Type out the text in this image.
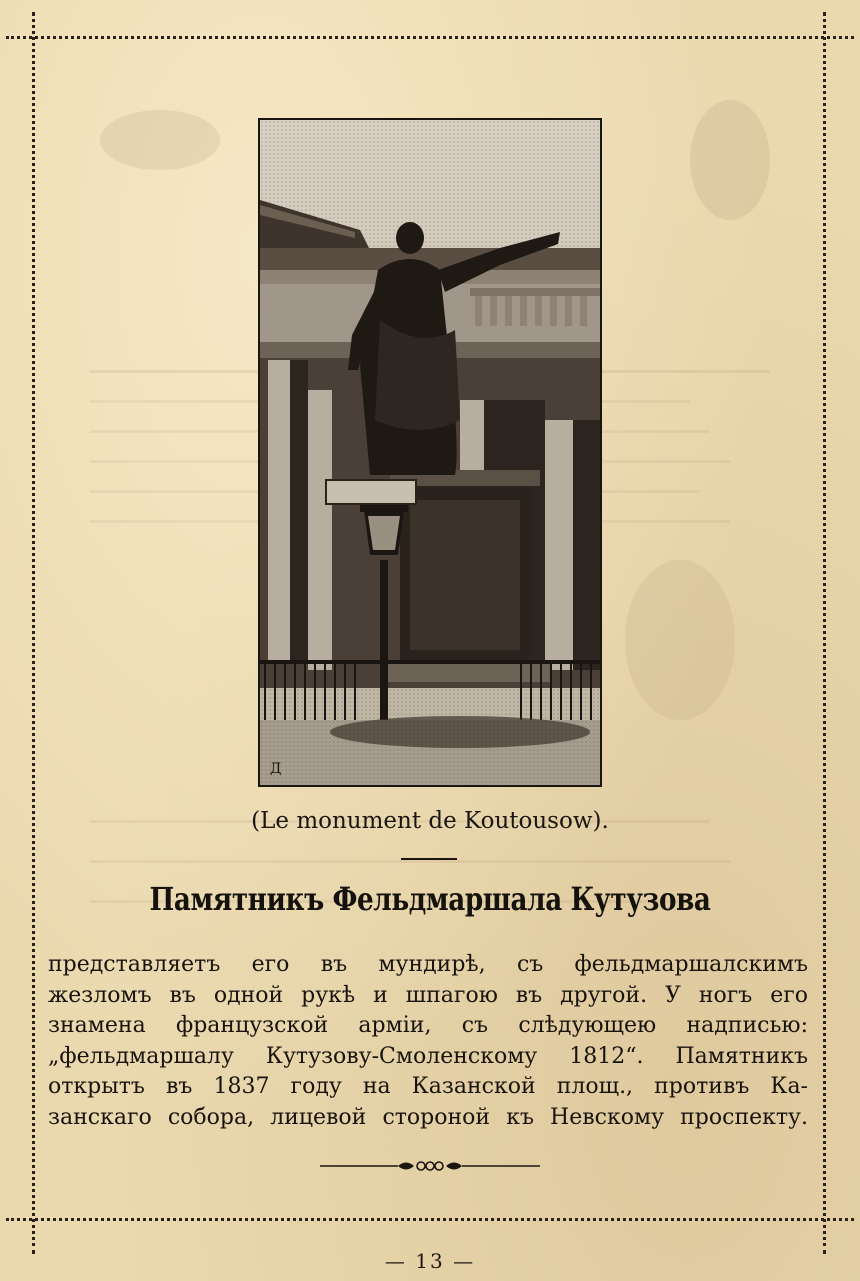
Д
(Le monument de Koutousow).
Памятникъ Фельдмаршала Кутузова
представляетъ его въ мундирѣ, съ фельдмаршалскимъ
жезломъ въ одной рукѣ и шпагою въ другой. У ногъ его
знамена французской арміи, съ слѣдующею надписью:
„фельдмаршалу Кутузову-Смоленскому 1812“. Памятникъ
открытъ въ 1837 году на Казанской площ., противъ Ка-
занскаго собора, лицевой стороной къ Невскому проспекту.
— 13 —
